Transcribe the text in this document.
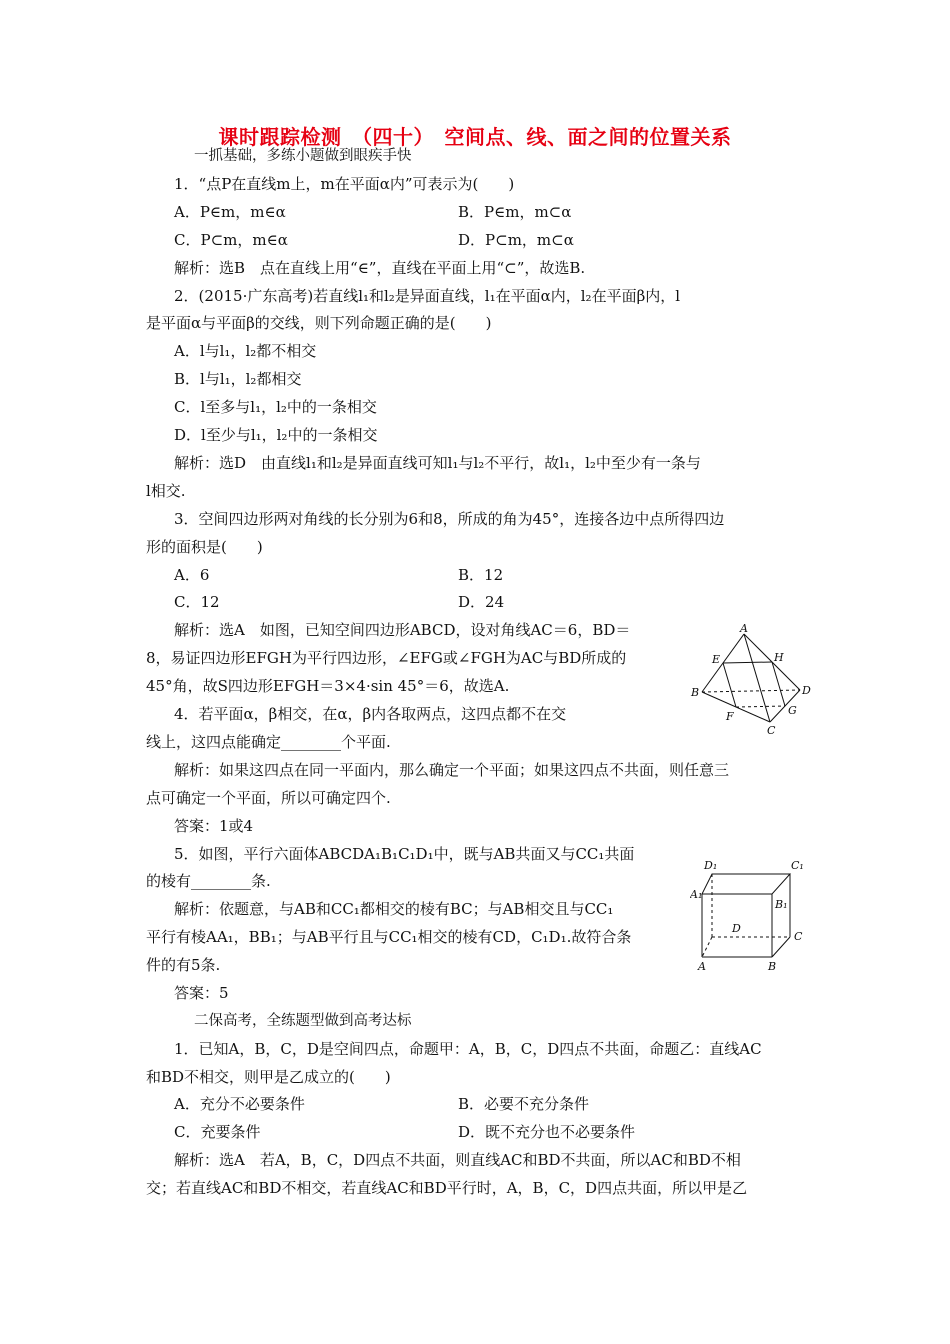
课时跟踪检测　（四十）　空间点、线、面之间的位置关系
一抓基础，多练小题做到眼疾手快
1．“点P在直线m上，m在平面α内”可表示为(　　)
A．P∈m，m∈α	B．P∈m，m⊂α
C．P⊂m，m∈α	D．P⊂m，m⊂α
解析：选B　点在直线上用“∈”，直线在平面上用“⊂”，故选B.
2．(2015·广东高考)若直线l₁和l₂是异面直线，l₁在平面α内，l₂在平面β内，l
是平面α与平面β的交线，则下列命题正确的是(　　)
A．l与l₁，l₂都不相交
B．l与l₁，l₂都相交
C．l至多与l₁，l₂中的一条相交
D．l至少与l₁，l₂中的一条相交
解析：选D　由直线l₁和l₂是异面直线可知l₁与l₂不平行，故l₁，l₂中至少有一条与
l相交.
3．空间四边形两对角线的长分别为6和8，所成的角为45°，连接各边中点所得四边
形的面积是(　　)
A．6	B．12
C．12	D．24
解析：选A　如图，已知空间四边形ABCD，设对角线AC＝6，BD＝
8，易证四边形EFGH为平行四边形，∠EFG或∠FGH为AC与BD所成的
45°角，故S四边形EFGH＝3×4·sin 45°＝6，故选A.
A
B
C
D
E
F	G
H
4．若平面α，β相交，在α，β内各取两点，这四点都不在交
线上，这四点能确定________个平面.
解析：如果这四点在同一平面内，那么确定一个平面；如果这四点不共面，则任意三
点可确定一个平面，所以可确定四个.
答案：1或4
5．如图，平行六面体ABCDA₁B₁C₁D₁中，既与AB共面又与CC₁共面
的棱有________条.
解析：依题意，与AB和CC₁都相交的棱有BC；与AB相交且与CC₁
平行有棱AA₁，BB₁；与AB平行且与CC₁相交的棱有CD，C₁D₁.故符合条
件的有5条.
答案：5
D₁	C₁
A₁
B₁
D
C
A	B
二保高考，全练题型做到高考达标
1．已知A，B，C，D是空间四点，命题甲：A，B，C，D四点不共面，命题乙：直线AC
和BD不相交，则甲是乙成立的(　　)
A．充分不必要条件	B．必要不充分条件
C．充要条件	D．既不充分也不必要条件
解析：选A　若A，B，C，D四点不共面，则直线AC和BD不共面，所以AC和BD不相
交；若直线AC和BD不相交，若直线AC和BD平行时，A，B，C，D四点共面，所以甲是乙
